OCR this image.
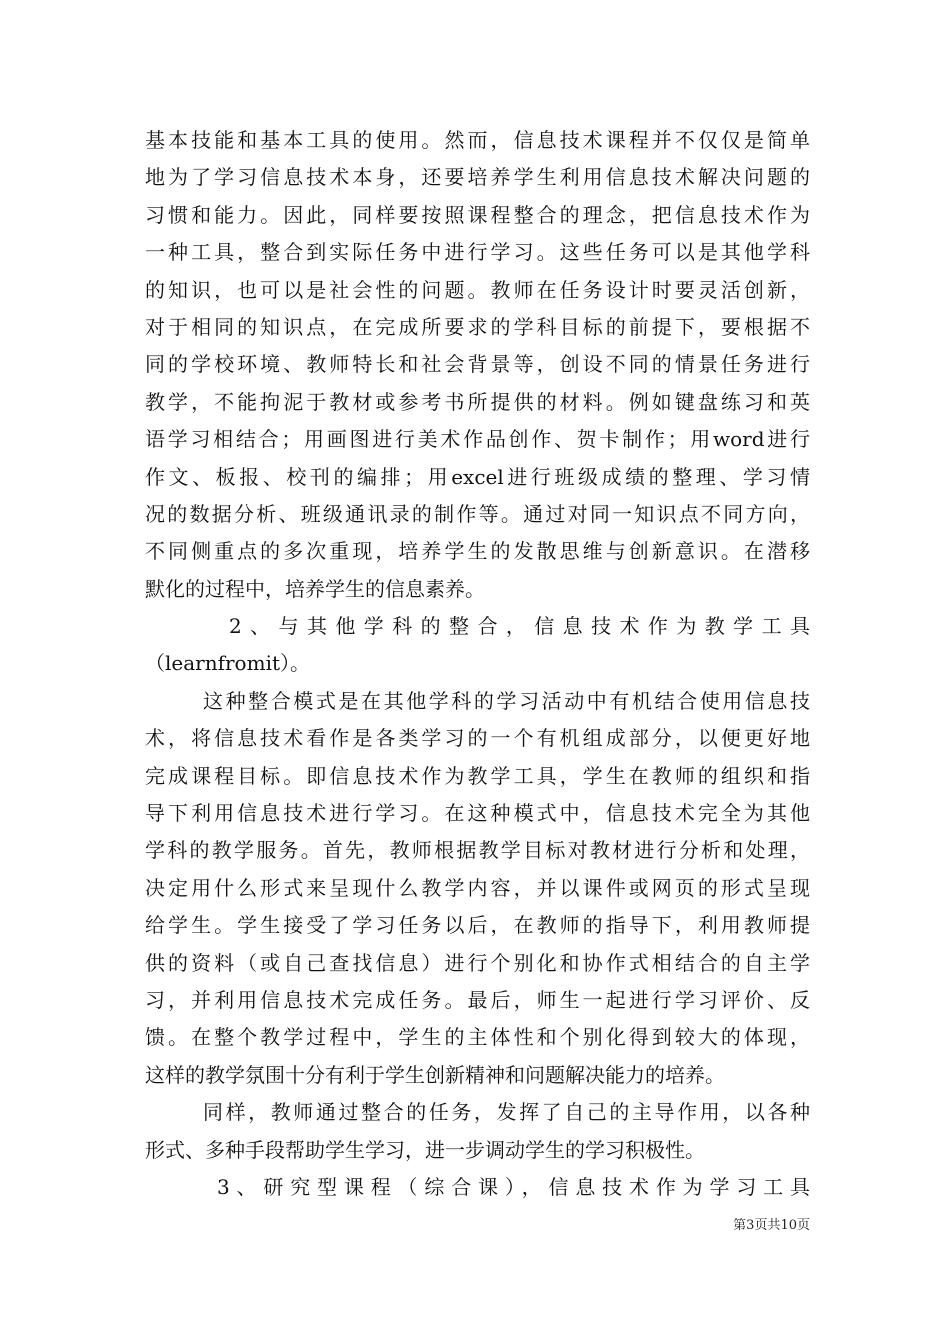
基本技能和基本工具的使用。然而，信息技术课程并不仅仅是简单
地为了学习信息技术本身，还要培养学生利用信息技术解决问题的
习惯和能力。因此，同样要按照课程整合的理念，把信息技术作为
一种工具，整合到实际任务中进行学习。这些任务可以是其他学科
的知识，也可以是社会性的问题。教师在任务设计时要灵活创新，
对于相同的知识点，在完成所要求的学科目标的前提下，要根据不
同的学校环境、教师特长和社会背景等，创设不同的情景任务进行
教学，不能拘泥于教材或参考书所提供的材料。例如键盘练习和英
语学习相结合；用画图进行美术作品创作、贺卡制作；用word进行
作文、板报、校刊的编排；用excel进行班级成绩的整理、学习情
况的数据分析、班级通讯录的制作等。通过对同一知识点不同方向，
不同侧重点的多次重现，培养学生的发散思维与创新意识。在潜移
默化的过程中，培养学生的信息素养。
2、与其他学科的整合，信息技术作为教学工具
（learnfromit）。
这种整合模式是在其他学科的学习活动中有机结合使用信息技
术，将信息技术看作是各类学习的一个有机组成部分，以便更好地
完成课程目标。即信息技术作为教学工具，学生在教师的组织和指
导下利用信息技术进行学习。在这种模式中，信息技术完全为其他
学科的教学服务。首先，教师根据教学目标对教材进行分析和处理，
决定用什么形式来呈现什么教学内容，并以课件或网页的形式呈现
给学生。学生接受了学习任务以后，在教师的指导下，利用教师提
供的资料（或自己查找信息）进行个别化和协作式相结合的自主学
习，并利用信息技术完成任务。最后，师生一起进行学习评价、反
馈。在整个教学过程中，学生的主体性和个别化得到较大的体现，
这样的教学氛围十分有利于学生创新精神和问题解决能力的培养。
同样，教师通过整合的任务，发挥了自己的主导作用，以各种
形式、多种手段帮助学生学习，进一步调动学生的学习积极性。
3、研究型课程（综合课），信息技术作为学习工具
第3页共10页
